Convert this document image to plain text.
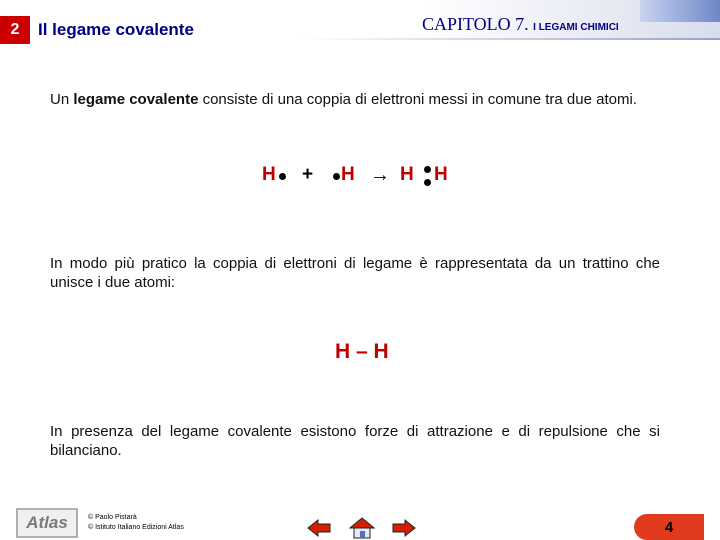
2	Il legame covalente	CAPITOLO 7. I LEGAMI CHIMICI

Un legame covalente consiste di una coppia di elettroni messi in comune tra due atomi.

H + H → H H

In modo più pratico la coppia di elettroni di legame è rappresentata da un trattino che unisce i due atomi:

H – H

In presenza del legame covalente esistono forze di attrazione e di repulsione che si bilanciano.

Atlas	© Paolo Pistarà
© Istituto Italiano Edizioni Atlas	4
